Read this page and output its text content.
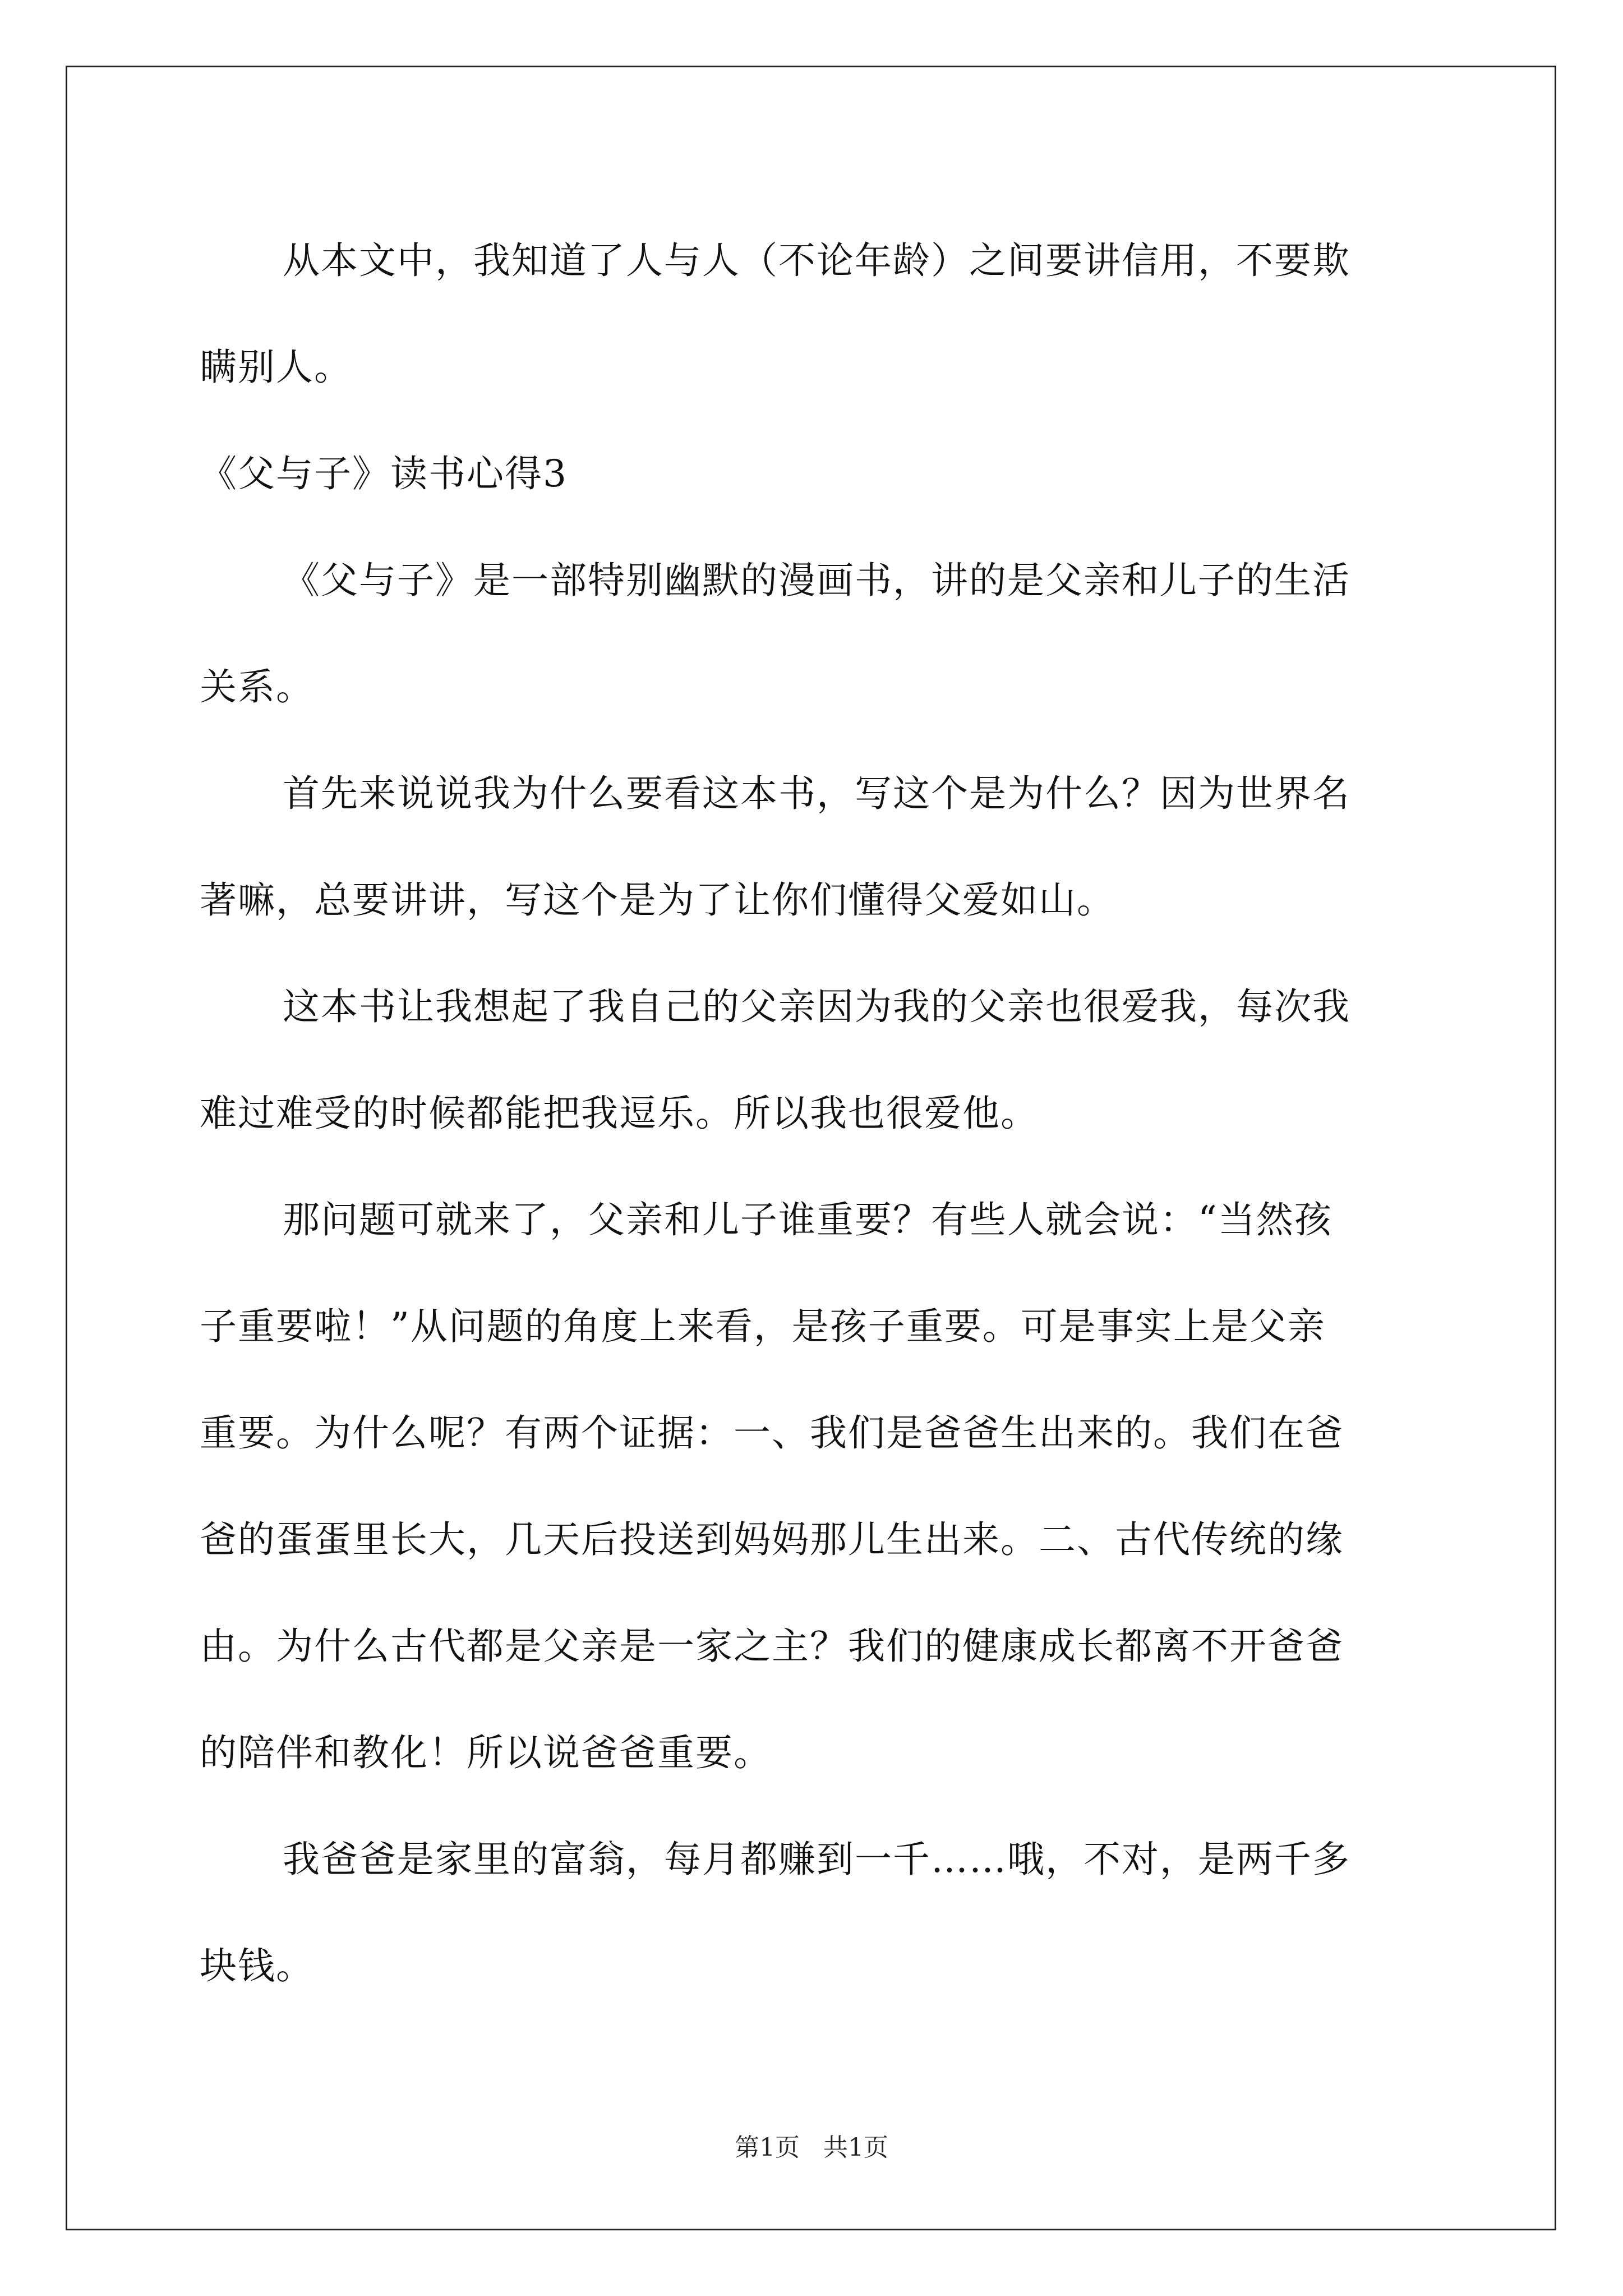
从本文中，我知道了人与人（不论年龄）之间要讲信用，不要欺
瞒别人。
《父与子》读书心得3
《父与子》是一部特别幽默的漫画书，讲的是父亲和儿子的生活
关系。
首先来说说我为什么要看这本书，写这个是为什么？因为世界名
著嘛，总要讲讲，写这个是为了让你们懂得父爱如山。
这本书让我想起了我自己的父亲因为我的父亲也很爱我，每次我
难过难受的时候都能把我逗乐。所以我也很爱他。
那问题可就来了，父亲和儿子谁重要？有些人就会说：“当然孩
子重要啦！”从问题的角度上来看，是孩子重要。可是事实上是父亲
重要。为什么呢？有两个证据：一、我们是爸爸生出来的。我们在爸
爸的蛋蛋里长大，几天后投送到妈妈那儿生出来。二、古代传统的缘
由。为什么古代都是父亲是一家之主？我们的健康成长都离不开爸爸
的陪伴和教化！所以说爸爸重要。
我爸爸是家里的富翁，每月都赚到一千……哦，不对，是两千多
块钱。
第1页   共1页
